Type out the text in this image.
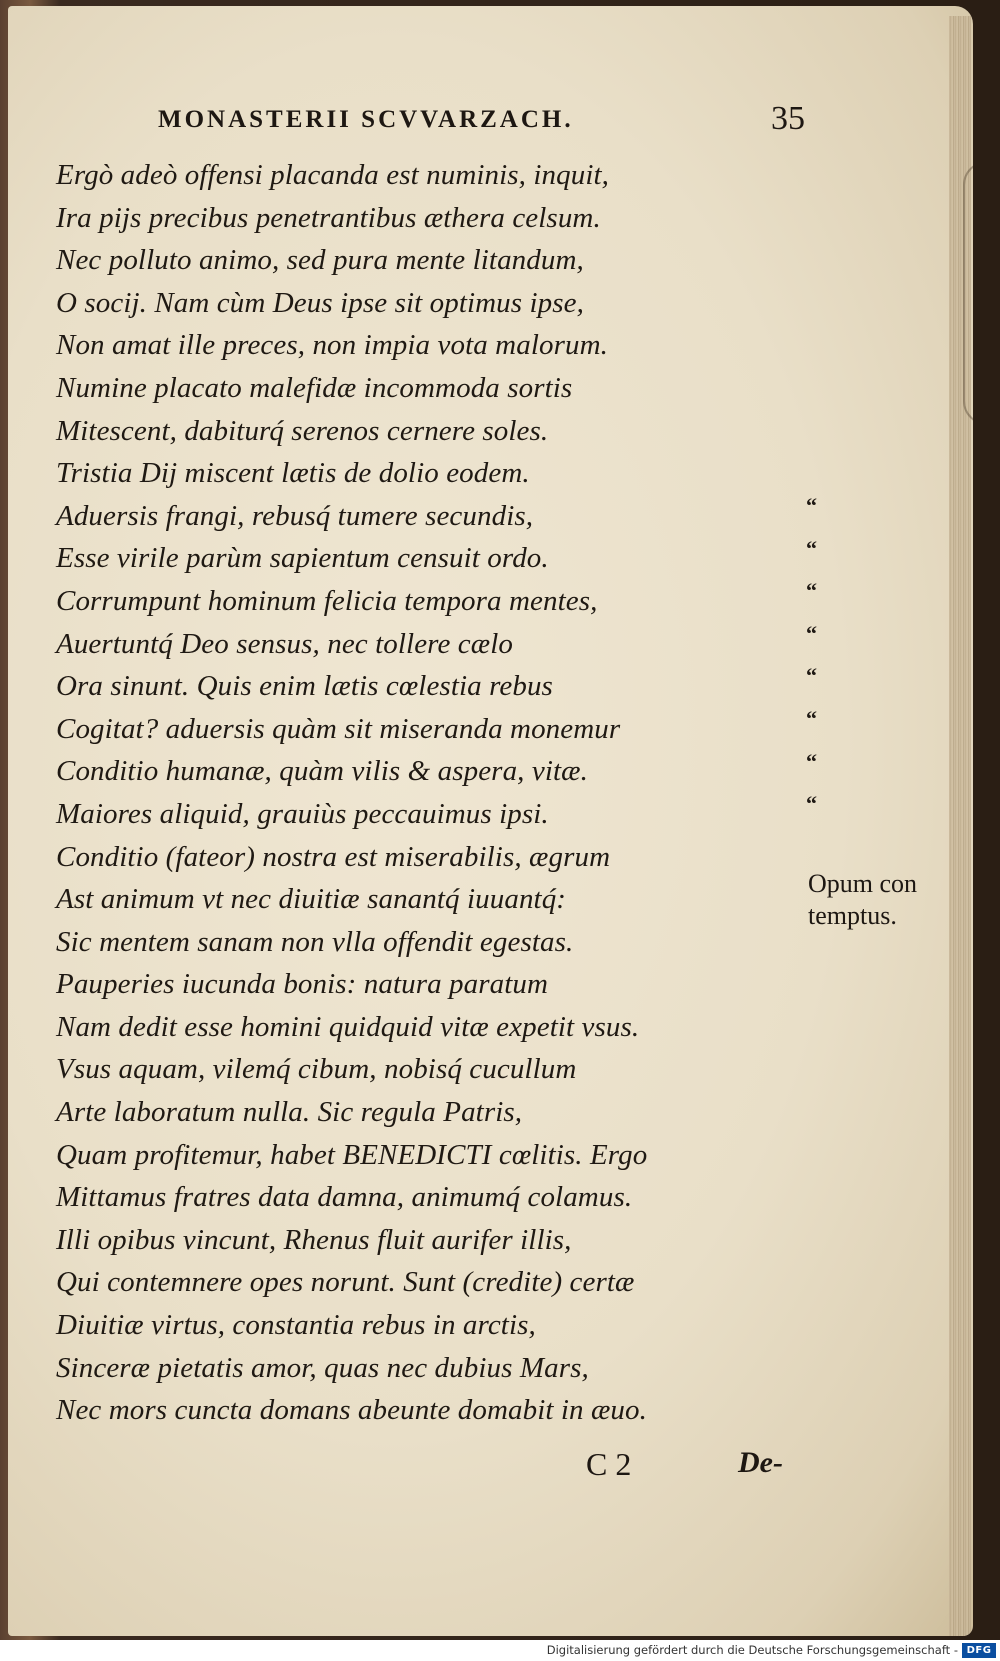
MONASTERII SCVVARZACH.	35
Ergò adeò offensi placanda est numinis, inquit,
Ira pijs precibus penetrantibus æthera celsum.
Nec polluto animo, sed pura mente litandum,
O socij. Nam cùm Deus ipse sit optimus ipse,
Non amat ille preces, non impia vota malorum.
Numine placato malefidæ incommoda sortis
Mitescent, dabiturq́ serenos cernere soles.
Tristia Dij miscent lætis de dolio eodem.
Aduersis frangi, rebusq́ tumere secundis,
Esse virile parùm sapientum censuit ordo.
Corrumpunt hominum felicia tempora mentes,
Auertuntq́ Deo sensus, nec tollere cælo
Ora sinunt. Quis enim lætis cœlestia rebus
Cogitat? aduersis quàm sit miseranda monemur
Conditio humanæ, quàm vilis & aspera, vitæ.
Maiores aliquid, grauiùs peccauimus ipsi.
Conditio (fateor) nostra est miserabilis, ægrum
Ast animum vt nec diuitiæ sanantq́ iuuantq́:
Sic mentem sanam non vlla offendit egestas.
Pauperies iucunda bonis: natura paratum
Nam dedit esse homini quidquid vitæ expetit vsus.
Vsus aquam, vilemq́ cibum, nobisq́ cucullum
Arte laboratum nulla. Sic regula Patris,
Quam profitemur, habet BENEDICTI cœlitis. Ergo
Mittamus fratres data damna, animumq́ colamus.
Illi opibus vincunt, Rhenus fluit aurifer illis,
Qui contemnere opes norunt. Sunt (credite) certæ
Diuitiæ virtus, constantia rebus in arctis,
Sinceræ pietatis amor, quas nec dubius Mars,
Nec mors cuncta domans abeunte domabit in æuo.
“
“
“
“
“
“
“
“
Opum con
temptus.
C 2	De-
Digitalisierung gefördert durch die Deutsche Forschungsgemeinschaft - DFG
